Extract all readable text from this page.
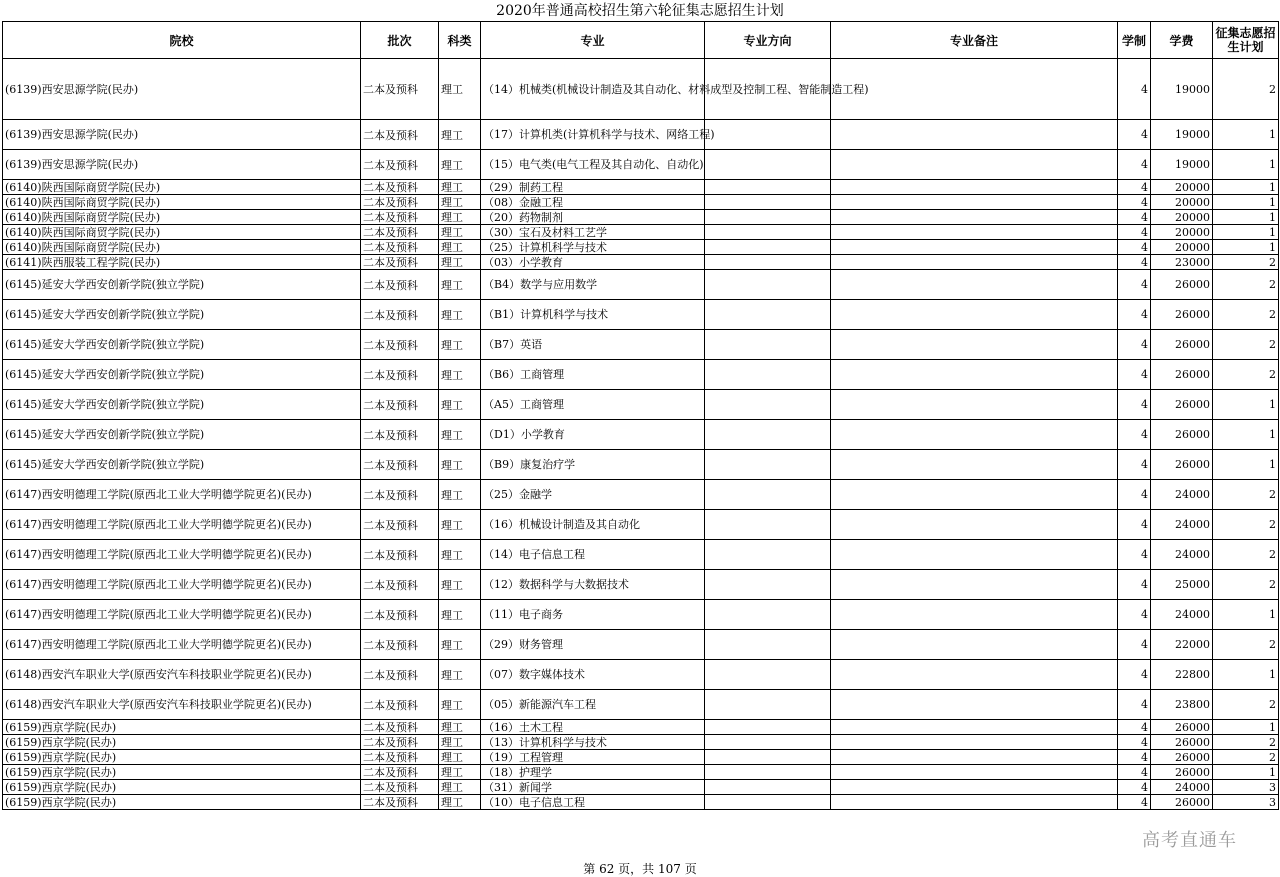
2020年普通高校招生第六轮征集志愿招生计划
院校	批次	科类	专业	专业方向	专业备注	学制	学费	征集志愿招生计划
(6139)西安思源学院(民办)	二本及预科	理工	（14）机械类(机械设计制造及其自动化、材料成型及控制工程、智能制造工程)			4	19000	2
(6139)西安思源学院(民办)	二本及预科	理工	（17）计算机类(计算机科学与技术、网络工程)			4	19000	1
(6139)西安思源学院(民办)	二本及预科	理工	（15）电气类(电气工程及其自动化、自动化)			4	19000	1
(6140)陕西国际商贸学院(民办)	二本及预科	理工	（29）制药工程			4	20000	1
(6140)陕西国际商贸学院(民办)	二本及预科	理工	（08）金融工程			4	20000	1
(6140)陕西国际商贸学院(民办)	二本及预科	理工	（20）药物制剂			4	20000	1
(6140)陕西国际商贸学院(民办)	二本及预科	理工	（30）宝石及材料工艺学			4	20000	1
(6140)陕西国际商贸学院(民办)	二本及预科	理工	（25）计算机科学与技术			4	20000	1
(6141)陕西服装工程学院(民办)	二本及预科	理工	（03）小学教育			4	23000	2
(6145)延安大学西安创新学院(独立学院)	二本及预科	理工	（B4）数学与应用数学			4	26000	2
(6145)延安大学西安创新学院(独立学院)	二本及预科	理工	（B1）计算机科学与技术			4	26000	2
(6145)延安大学西安创新学院(独立学院)	二本及预科	理工	（B7）英语			4	26000	2
(6145)延安大学西安创新学院(独立学院)	二本及预科	理工	（B6）工商管理			4	26000	2
(6145)延安大学西安创新学院(独立学院)	二本及预科	理工	（A5）工商管理			4	26000	1
(6145)延安大学西安创新学院(独立学院)	二本及预科	理工	（D1）小学教育			4	26000	1
(6145)延安大学西安创新学院(独立学院)	二本及预科	理工	（B9）康复治疗学			4	26000	1
(6147)西安明德理工学院(原西北工业大学明德学院更名)(民办)	二本及预科	理工	（25）金融学			4	24000	2
(6147)西安明德理工学院(原西北工业大学明德学院更名)(民办)	二本及预科	理工	（16）机械设计制造及其自动化			4	24000	2
(6147)西安明德理工学院(原西北工业大学明德学院更名)(民办)	二本及预科	理工	（14）电子信息工程			4	24000	2
(6147)西安明德理工学院(原西北工业大学明德学院更名)(民办)	二本及预科	理工	（12）数据科学与大数据技术			4	25000	2
(6147)西安明德理工学院(原西北工业大学明德学院更名)(民办)	二本及预科	理工	（11）电子商务			4	24000	1
(6147)西安明德理工学院(原西北工业大学明德学院更名)(民办)	二本及预科	理工	（29）财务管理			4	22000	2
(6148)西安汽车职业大学(原西安汽车科技职业学院更名)(民办)	二本及预科	理工	（07）数字媒体技术			4	22800	1
(6148)西安汽车职业大学(原西安汽车科技职业学院更名)(民办)	二本及预科	理工	（05）新能源汽车工程			4	23800	2
(6159)西京学院(民办)	二本及预科	理工	（16）土木工程			4	26000	1
(6159)西京学院(民办)	二本及预科	理工	（13）计算机科学与技术			4	26000	2
(6159)西京学院(民办)	二本及预科	理工	（19）工程管理			4	26000	2
(6159)西京学院(民办)	二本及预科	理工	（18）护理学			4	26000	1
(6159)西京学院(民办)	二本及预科	理工	（31）新闻学			4	24000	3
(6159)西京学院(民办)	二本及预科	理工	（10）电子信息工程			4	26000	3
第 62 页，共 107 页
高考直通车
